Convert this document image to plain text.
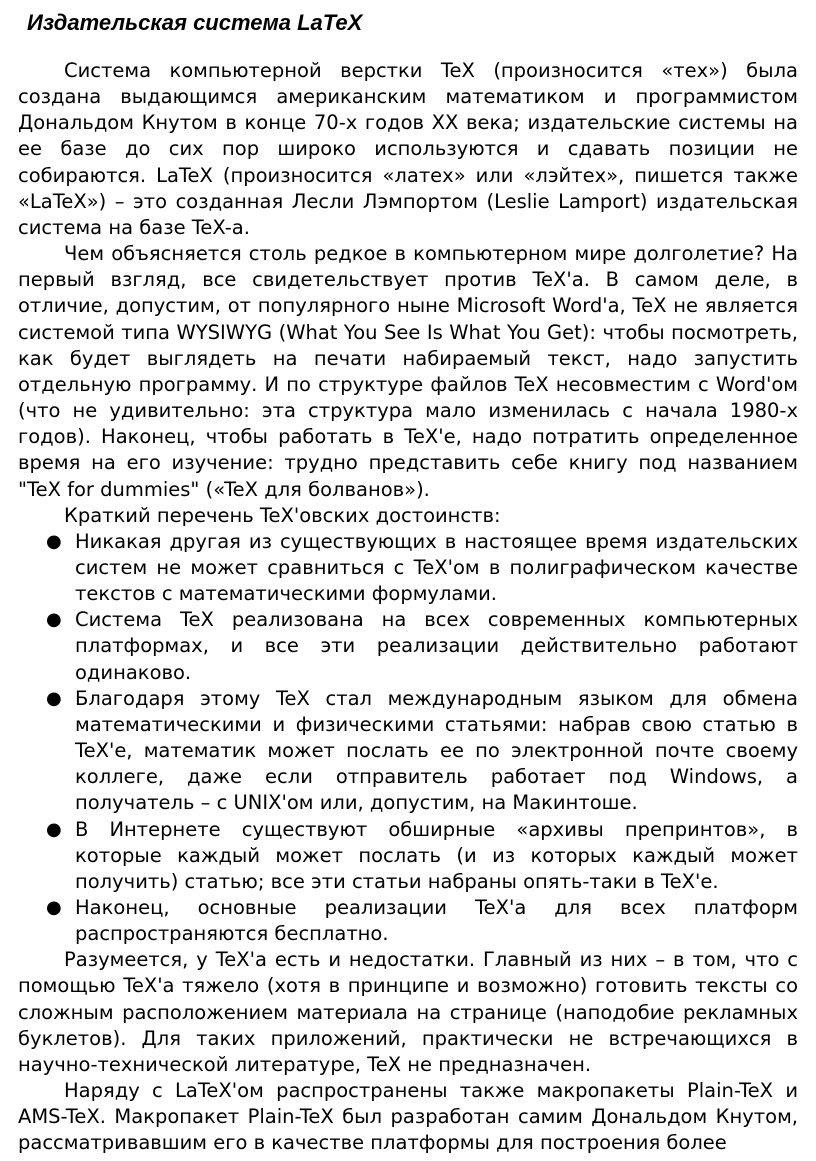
Издательская система LaTeX

Система компьютерной верстки TeX (произносится «тех») была создана выдающимся американским математиком и программистом Дональдом Кнутом в конце 70-х годов XX века; издательские системы на ее базе до сих пор широко используются и сдавать позиции не собираются. LaTeX (произносится «латех» или «лэйтех», пишется также «LaTeX») – это созданная Лесли Лэмпортом (Leslie Lamport) издательская система на базе TeX-а.

Чем объясняется столь редкое в компьютерном мире долголетие? На первый взгляд, все свидетельствует против TeX'а. В самом деле, в отличие, допустим, от популярного ныне Microsoft Word'а, TeX не является системой типа WYSIWYG (What You See Is What You Get): чтобы посмотреть, как будет выглядеть на печати набираемый текст, надо запустить отдельную программу. И по структуре файлов TeX несовместим с Word'ом (что не удивительно: эта структура мало изменилась с начала 1980-х годов). Наконец, чтобы работать в TeX'е, надо потратить определенное время на его изучение: трудно представить себе книгу под названием "TeX for dummies" («TeX для болванов»).

Краткий перечень TeX'овских достоинств:

● Никакая другая из существующих в настоящее время издательских систем не может сравниться с TeX'ом в полиграфическом качестве текстов с математическими формулами.
● Система TeX реализована на всех современных компьютерных платформах, и все эти реализации действительно работают одинаково.
● Благодаря этому TeX стал международным языком для обмена математическими и физическими статьями: набрав свою статью в TeX'е, математик может послать ее по электронной почте своему коллеге, даже если отправитель работает под Windows, а получатель – с UNIX'ом или, допустим, на Макинтоше.
● В Интернете существуют обширные «архивы препринтов», в которые каждый может послать (и из которых каждый может получить) статью; все эти статьи набраны опять-таки в TeX'е.
● Наконец, основные реализации TeX'а для всех платформ распространяются бесплатно.

Разумеется, у TeX'а есть и недостатки. Главный из них – в том, что с помощью TeX'а тяжело (хотя в принципе и возможно) готовить тексты со сложным расположением материала на странице (наподобие рекламных буклетов). Для таких приложений, практически не встречающихся в научно-технической литературе, TeX не предназначен.

Наряду с LaTeX'ом распространены также макропакеты Plain-TeX и AMS-TeX. Макропакет Plain-TeX был разработан самим Дональдом Кнутом, рассматривавшим его в качестве платформы для построения более
